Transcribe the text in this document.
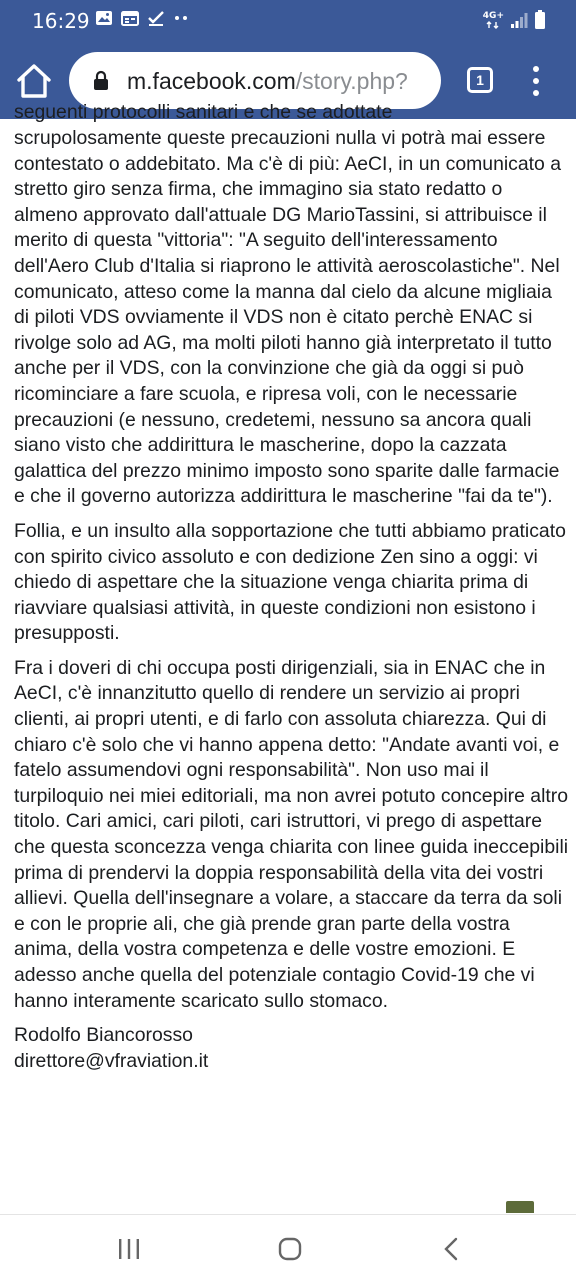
16:29	4G+
m.facebook.com/story.php?	1
seguenti protocolli sanitari e che se adottate

scrupolosamente queste precauzioni nulla vi potrà mai essere contestato o addebitato. Ma c'è di più: AeCI, in un comunicato a stretto giro senza firma, che immagino sia stato redatto o almeno approvato dall'attuale DG MarioTassini, si attribuisce il merito di questa "vittoria": "A seguito dell'interessamento dell'Aero Club d'Italia si riaprono le attività aeroscolastiche". Nel comunicato, atteso come la manna dal cielo da alcune migliaia di piloti VDS ovviamente il VDS non è citato perchè ENAC si rivolge solo ad AG, ma molti piloti hanno già interpretato il tutto anche per il VDS, con la convinzione che già da oggi si può ricominciare a fare scuola, e ripresa voli, con le necessarie precauzioni (e nessuno, credetemi, nessuno sa ancora quali siano visto che addirittura le mascherine, dopo la cazzata galattica del prezzo minimo imposto sono sparite dalle farmacie e che il governo autorizza addirittura le mascherine "fai da te").

Follia, e un insulto alla sopportazione che tutti abbiamo praticato con spirito civico assoluto e con dedizione Zen sino a oggi: vi chiedo di aspettare che la situazione venga chiarita prima di riavviare qualsiasi attività, in queste condizioni non esistono i presupposti.

Fra i doveri di chi occupa posti dirigenziali, sia in ENAC che in AeCI, c'è innanzitutto quello di rendere un servizio ai propri clienti, ai propri utenti, e di farlo con assoluta chiarezza. Qui di chiaro c'è solo che vi hanno appena detto: "Andate avanti voi, e fatelo assumendovi ogni responsabilità". Non uso mai il turpiloquio nei miei editoriali, ma non avrei potuto concepire altro titolo. Cari amici, cari piloti, cari istruttori, vi prego di aspettare che questa sconcezza venga chiarita con linee guida ineccepibili prima di prendervi la doppia responsabilità della vita dei vostri allievi. Quella dell'insegnare a volare, a staccare da terra da soli e con le proprie ali, che già prende gran parte della vostra anima, della vostra competenza e delle vostre emozioni. E adesso anche quella del potenziale contagio Covid-19 che vi hanno interamente scaricato sullo stomaco.

Rodolfo Biancorosso

direttore@vfraviation.it
